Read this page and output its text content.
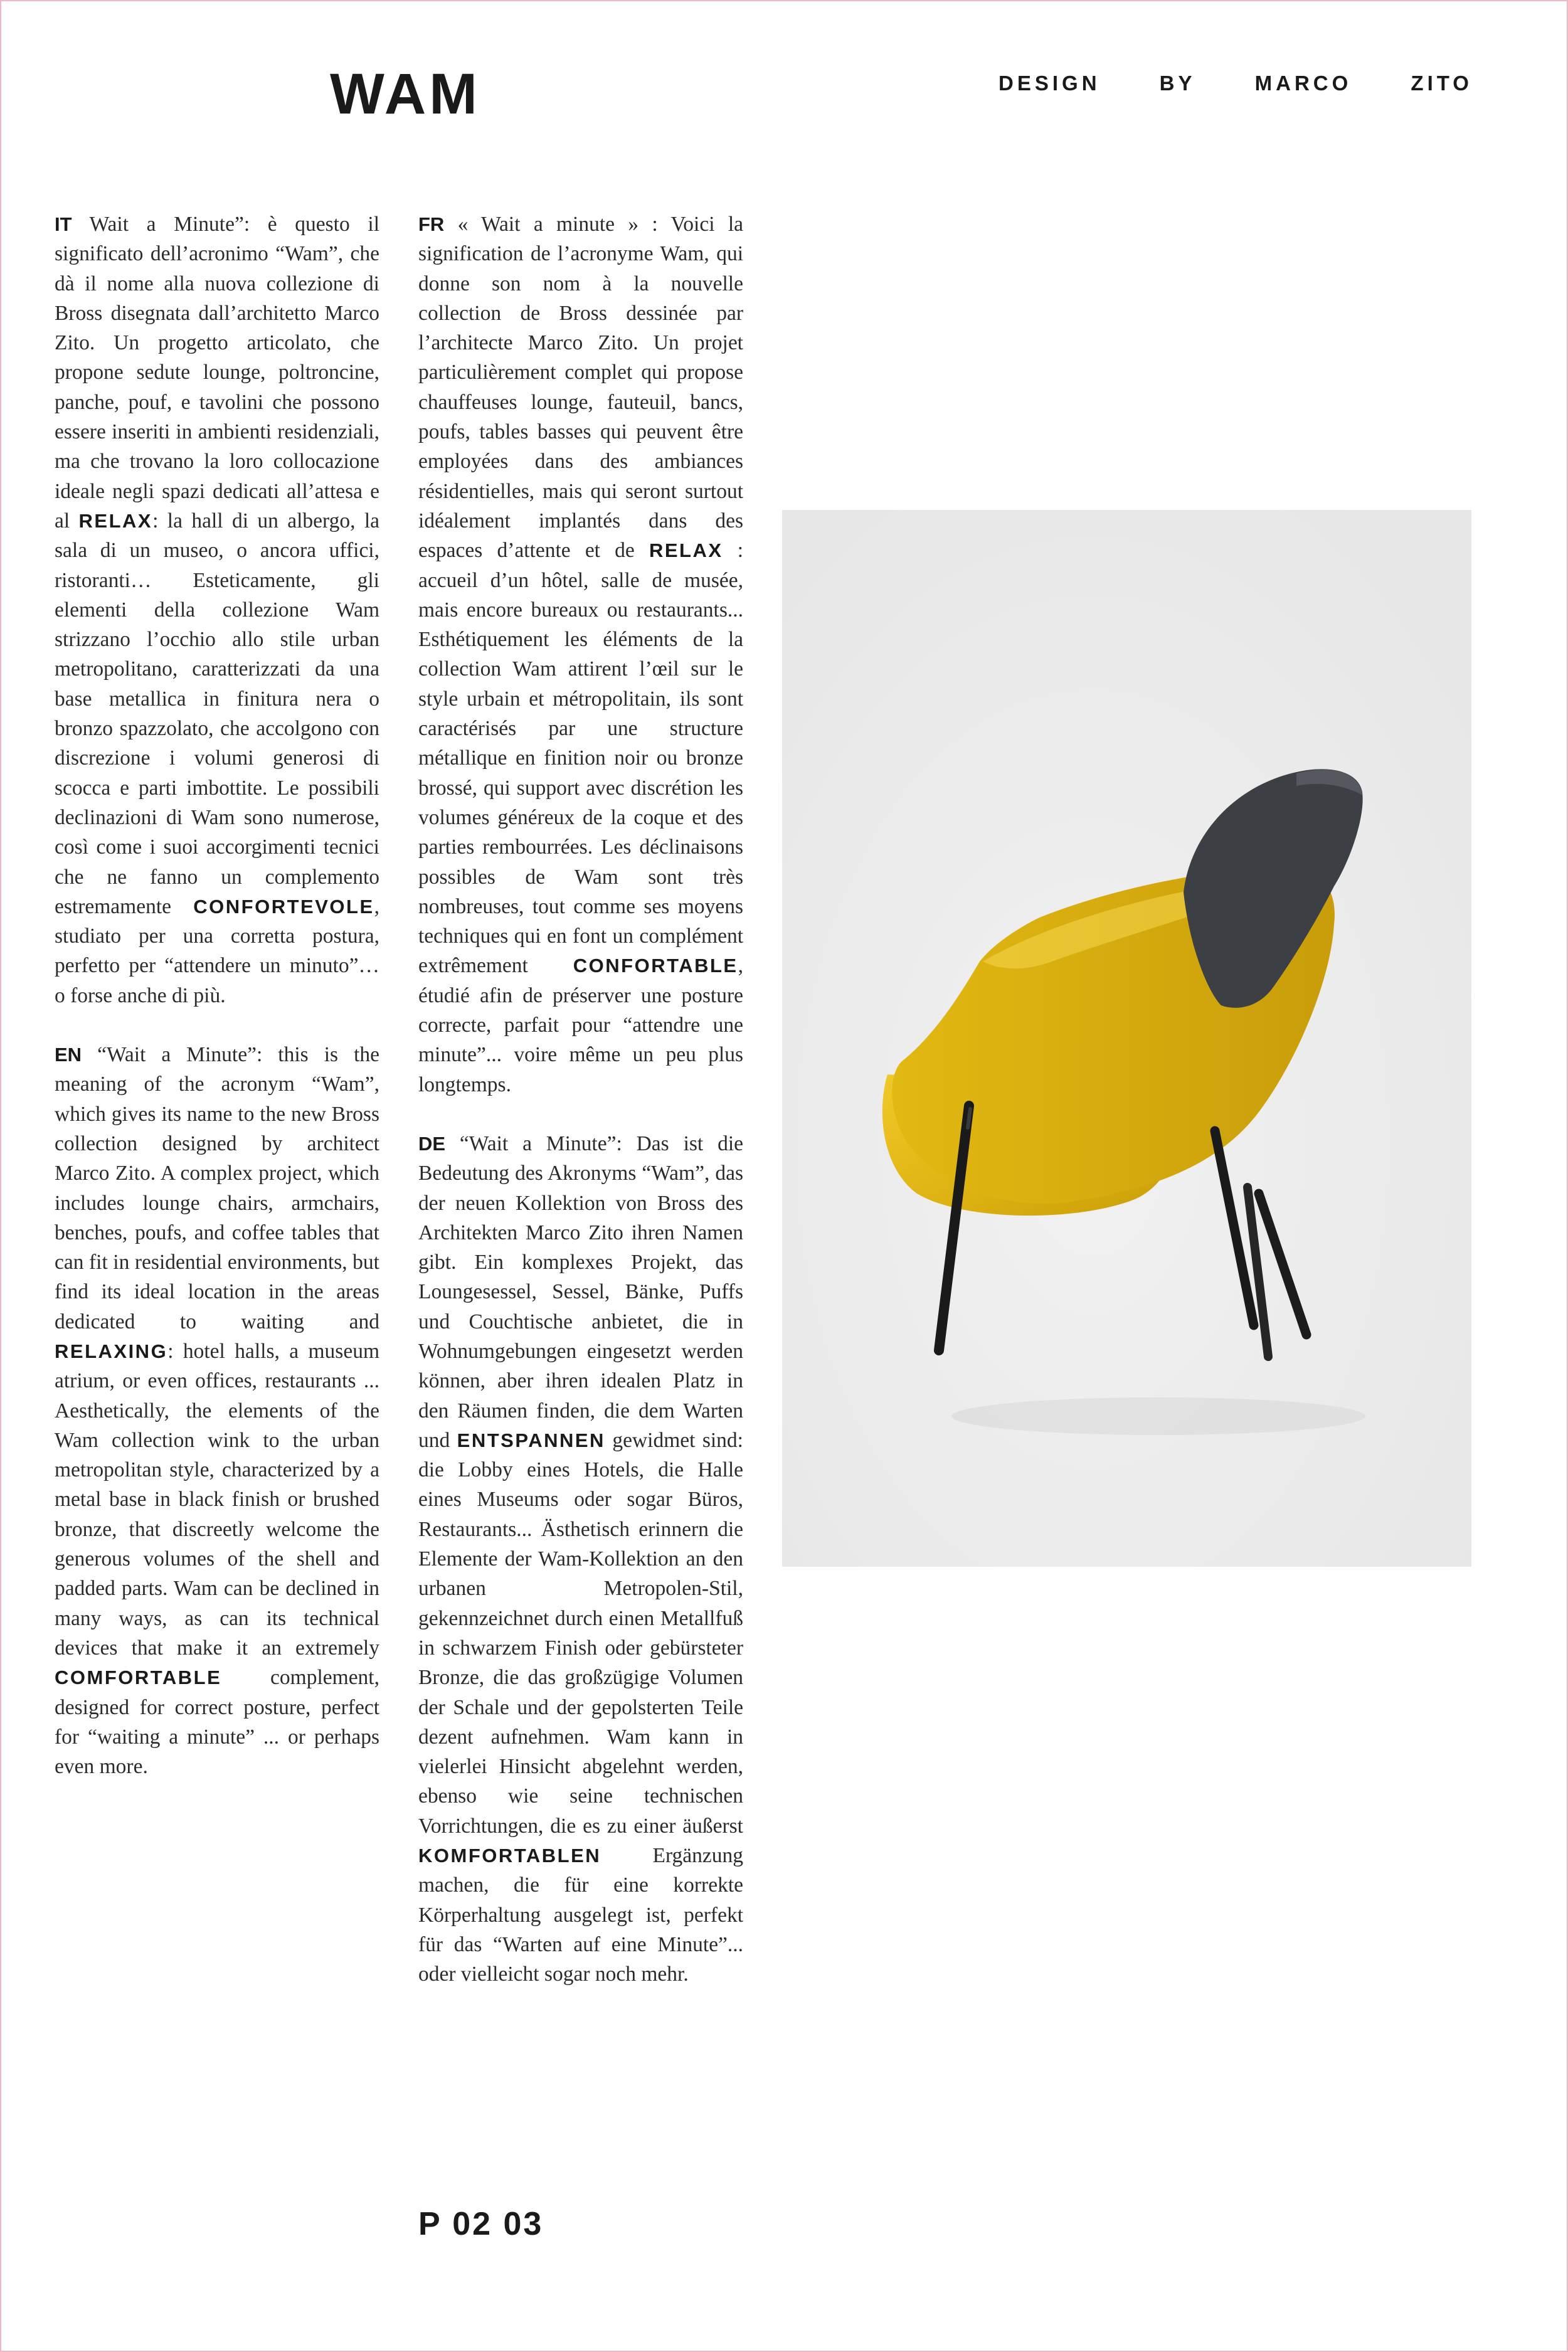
WAM	DESIGN	BY	MARCO	ZITO

IT Wait a Minute”: è questo il significato dell’acronimo “Wam”, che dà il nome alla nuova collezione di Bross disegnata dall’architetto Marco Zito. Un progetto articolato, che propone sedute lounge, poltroncine, panche, pouf, e tavolini che possono essere inseriti in ambienti residenziali, ma che trovano la loro collocazione ideale negli spazi dedicati all’attesa e al RELAX: la hall di un albergo, la sala di un museo, o ancora uffici, ristoranti… Esteticamente, gli elementi della collezione Wam strizzano l’occhio allo stile urban metropolitano, caratterizzati da una base metallica in finitura nera o bronzo spazzolato, che accolgono con discrezione i volumi generosi di scocca e parti imbottite. Le possibili declinazioni di Wam sono numerose, così come i suoi accorgimenti tecnici che ne fanno un complemento estremamente CONFORTEVOLE, studiato per una corretta postura, perfetto per “attendere un minuto”… o forse anche di più.

EN “Wait a Minute”: this is the meaning of the acronym “Wam”, which gives its name to the new Bross collection designed by architect Marco Zito. A complex project, which includes lounge chairs, armchairs, benches, poufs, and coffee tables that can fit in residential environments, but find its ideal location in the areas dedicated to waiting and RELAXING: hotel halls, a museum atrium, or even offices, restaurants ... Aesthetically, the elements of the Wam collection wink to the urban metropolitan style, characterized by a metal base in black finish or brushed bronze, that discreetly welcome the generous volumes of the shell and padded parts. Wam can be declined in many ways, as can its technical devices that make it an extremely COMFORTABLE complement, designed for correct posture, perfect for “waiting a minute” ... or perhaps even more.

FR « Wait a minute » : Voici la signification de l’acronyme Wam, qui donne son nom à la nouvelle collection de Bross dessinée par l’architecte Marco Zito. Un projet particulièrement complet qui propose chauffeuses lounge, fauteuil, bancs, poufs, tables basses qui peuvent être employées dans des ambiances résidentielles, mais qui seront surtout idéalement implantés dans des espaces d’attente et de RELAX : accueil d’un hôtel, salle de musée, mais encore bureaux ou restaurants... Esthétiquement les éléments de la collection Wam attirent l’œil sur le style urbain et métropolitain, ils sont caractérisés par une structure métallique en finition noir ou bronze brossé, qui support avec discrétion les volumes généreux de la coque et des parties rembourrées. Les déclinaisons possibles de Wam sont très nombreuses, tout comme ses moyens techniques qui en font un complément extrêmement CONFORTABLE, étudié afin de préserver une posture correcte, parfait pour “attendre une minute”... voire même un peu plus longtemps.

DE “Wait a Minute”: Das ist die Bedeutung des Akronyms “Wam”, das der neuen Kollektion von Bross des Architekten Marco Zito ihren Namen gibt. Ein komplexes Projekt, das Loungesessel, Sessel, Bänke, Puffs und Couchtische anbietet, die in Wohnumgebungen eingesetzt werden können, aber ihren idealen Platz in den Räumen finden, die dem Warten und ENTSPANNEN gewidmet sind: die Lobby eines Hotels, die Halle eines Museums oder sogar Büros, Restaurants... Ästhetisch erinnern die Elemente der Wam-Kollektion an den urbanen Metropolen-Stil, gekennzeichnet durch einen Metallfuß in schwarzem Finish oder gebürsteter Bronze, die das großzügige Volumen der Schale und der gepolsterten Teile dezent aufnehmen. Wam kann in vielerlei Hinsicht abgelehnt werden, ebenso wie seine technischen Vorrichtungen, die es zu einer äußerst KOMFORTABLEN Ergänzung machen, die für eine korrekte Körperhaltung ausgelegt ist, perfekt für das “Warten auf eine Minute”... oder vielleicht sogar noch mehr.

P 02 03
